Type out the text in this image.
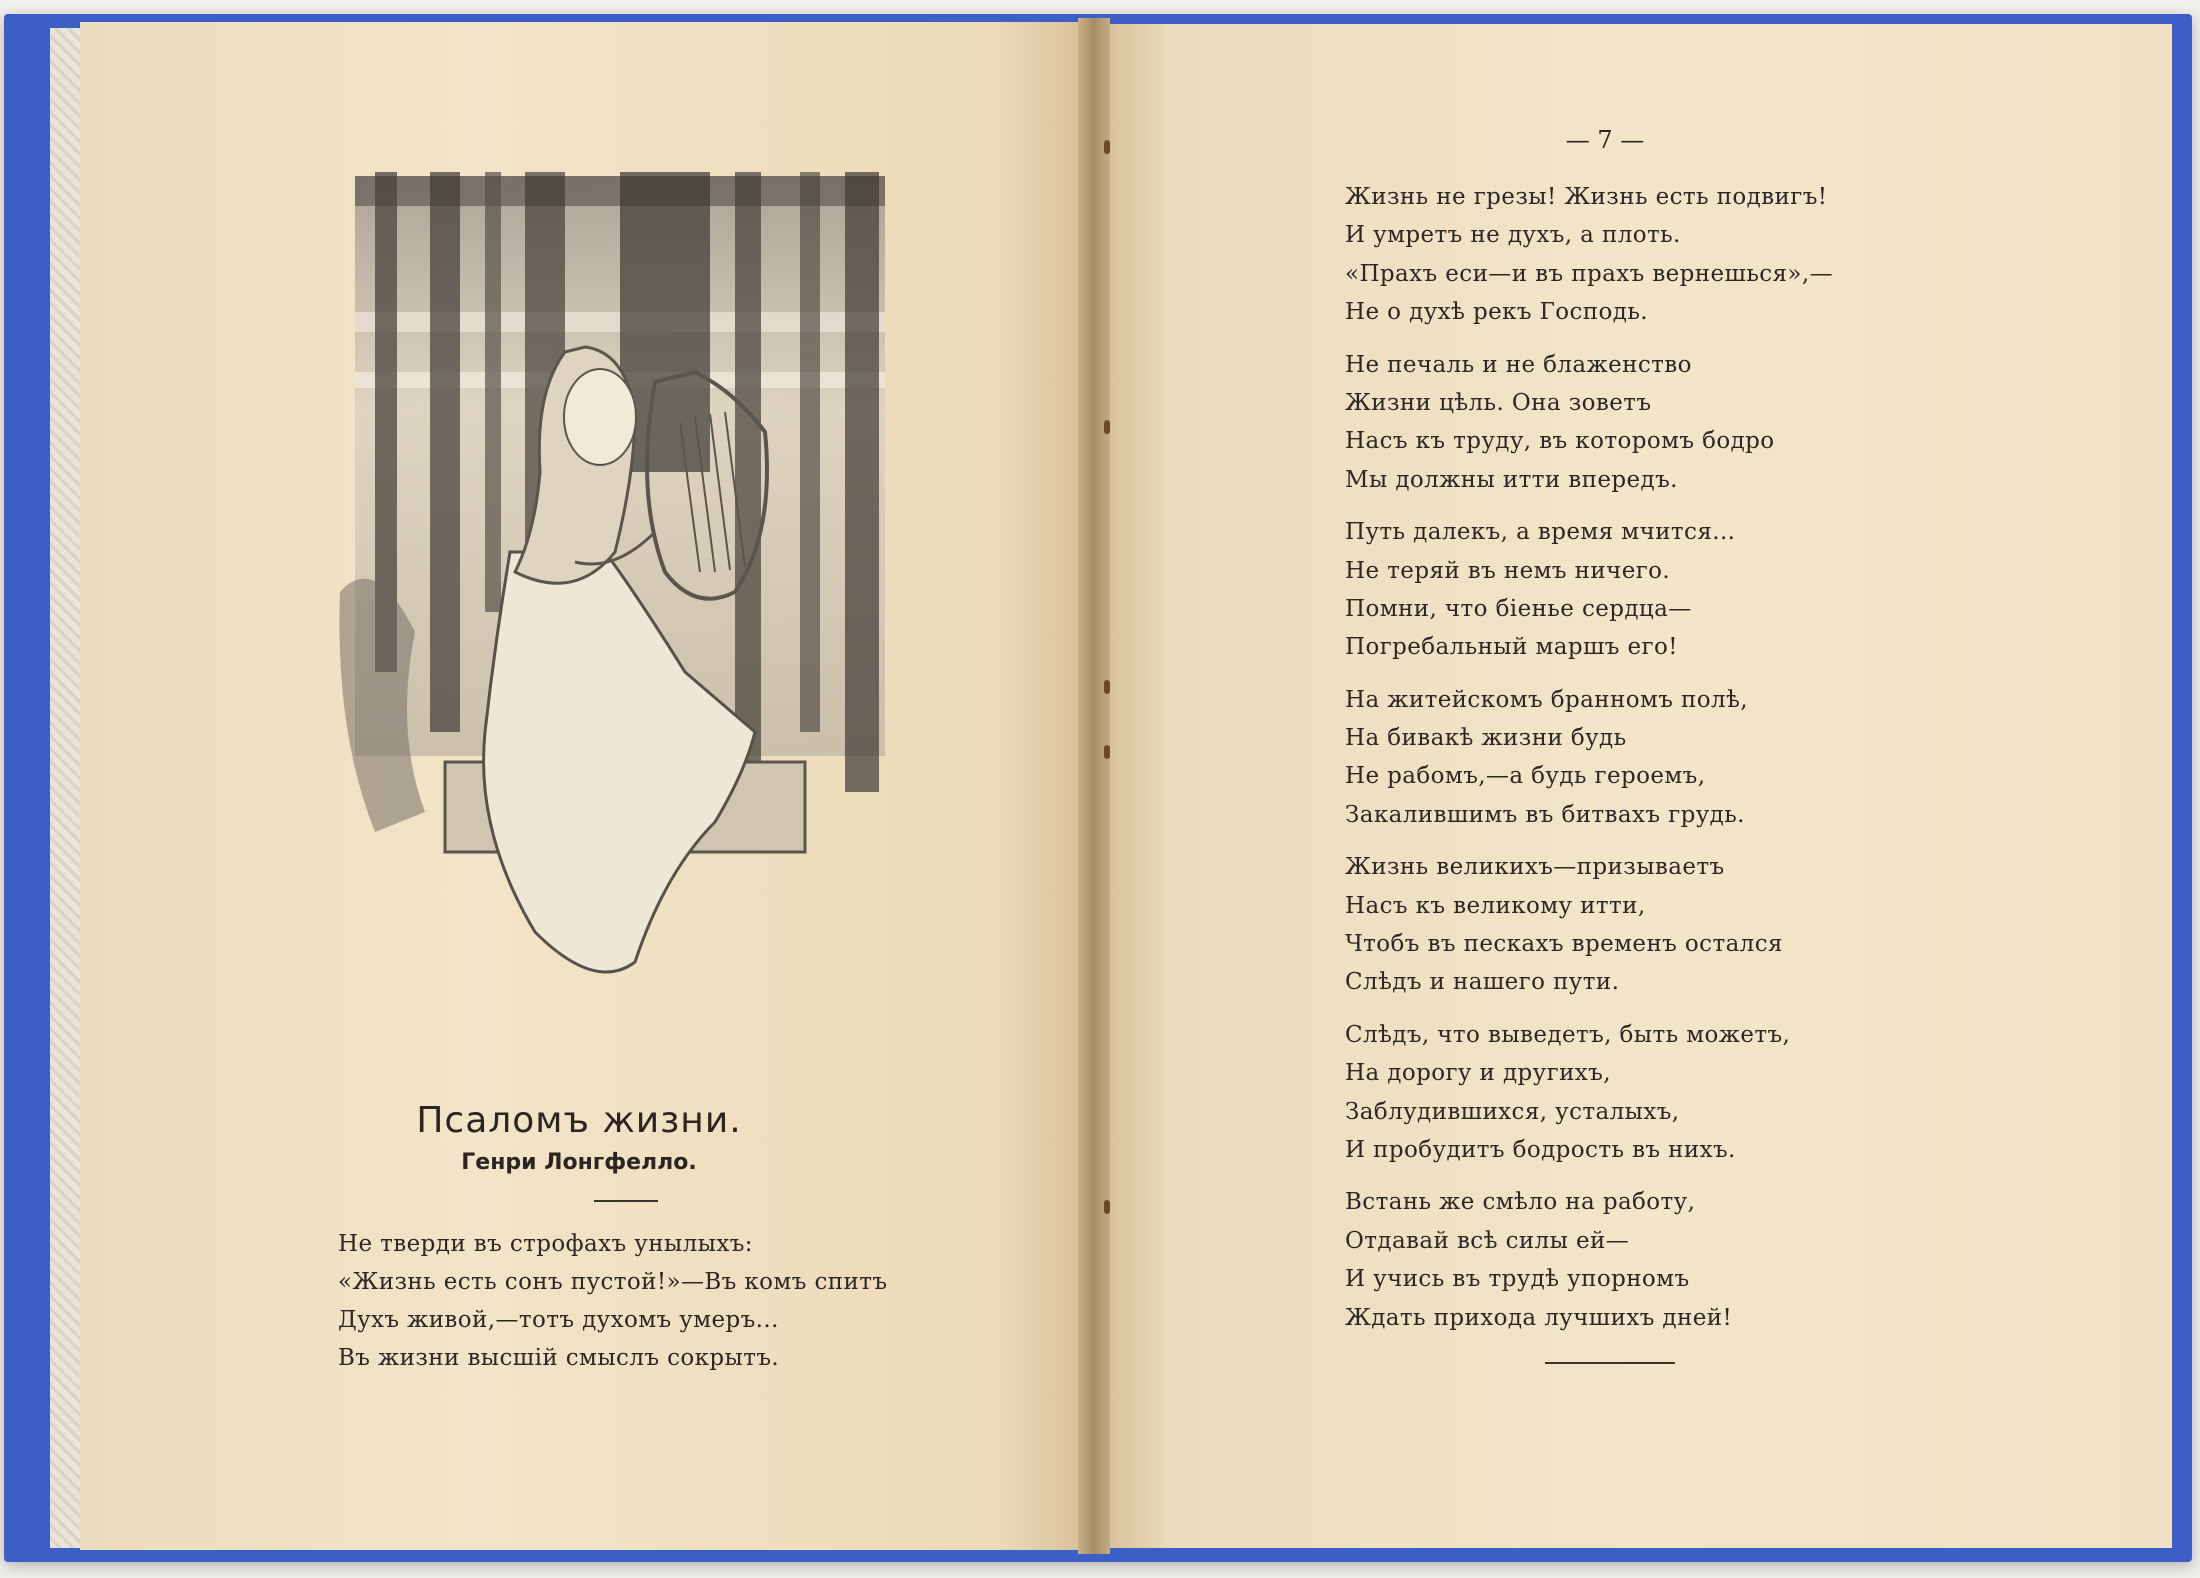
Псаломъ жизни.
Генри Лонгфелло.
Не тверди въ строфахъ унылыхъ:
«Жизнь есть сонъ пустой!»—Въ комъ спитъ
Духъ живой,—тотъ духомъ умеръ...
Въ жизни высшій смыслъ сокрытъ.
— 7 —
Жизнь не грезы! Жизнь есть подвигъ!
И умретъ не духъ, а плоть.
«Прахъ еси—и въ прахъ вернешься»,—
Не о духѣ рекъ Господь.
Не печаль и не блаженство
Жизни цѣль. Она зоветъ
Насъ къ труду, въ которомъ бодро
Мы должны итти впередъ.
Путь далекъ, а время мчится...
Не теряй въ немъ ничего.
Помни, что біенье сердца—
Погребальный маршъ его!
На житейскомъ бранномъ полѣ,
На бивакѣ жизни будь
Не рабомъ,—а будь героемъ,
Закалившимъ въ битвахъ грудь.
Жизнь великихъ—призываетъ
Насъ къ великому итти,
Чтобъ въ пескахъ временъ остался
Слѣдъ и нашего пути.
Слѣдъ, что выведетъ, быть можетъ,
На дорогу и другихъ,
Заблудившихся, усталыхъ,
И пробудитъ бодрость въ нихъ.
Встань же смѣло на работу,
Отдавай всѣ силы ей—
И учись въ трудѣ упорномъ
Ждать прихода лучшихъ дней!
